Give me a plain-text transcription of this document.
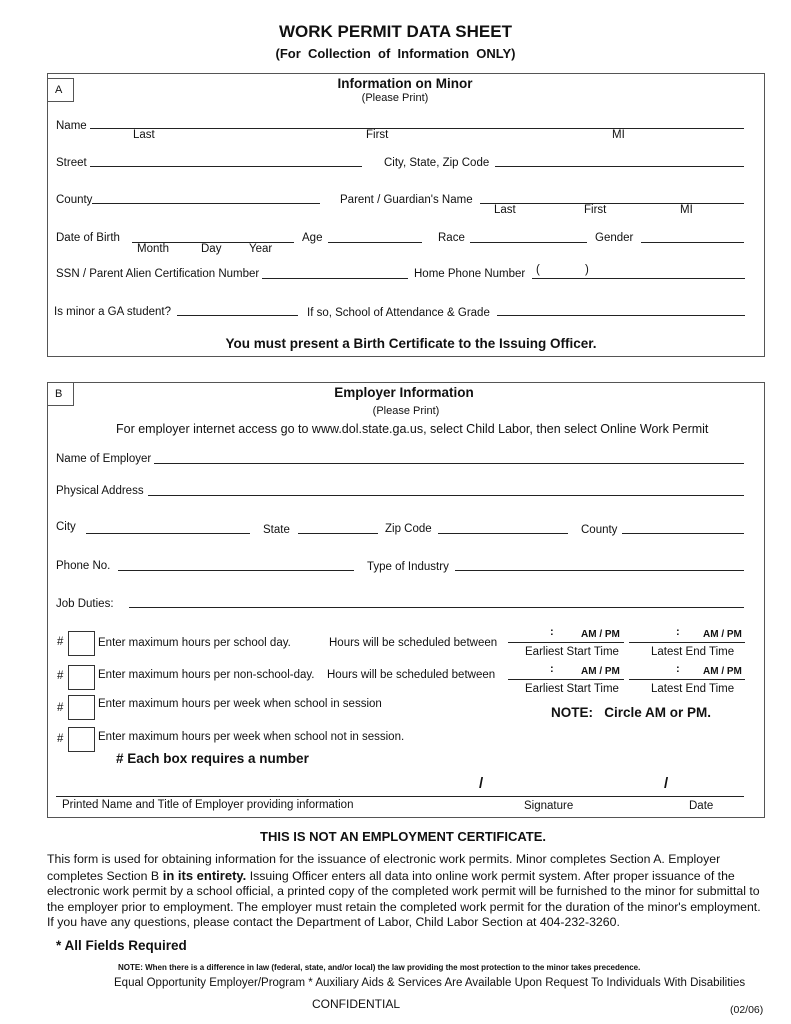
WORK PERMIT DATA SHEET
(For  Collection  of  Information  ONLY)
A	Information on Minor
(Please Print)
Name
Last	First	MI
Street	City, State, Zip Code
County	Parent / Guardian's Name
Last	First	MI
Date of Birth
Month	Day Year
Age	Race	Gender
SSN / Parent Alien Certification Number	Home Phone Number (	)
Is minor a GA student?	If so, School of Attendance & Grade
You must present a Birth Certificate to the Issuing Officer.
B	Employer Information
(Please Print)
For employer internet access go to www.dol.state.ga.us, select Child Labor, then select Online Work Permit
Name of Employer
Physical Address
City	State	Zip Code	County
Phone No.	Type of Industry
Job Duties:
#	Enter maximum hours per school day.	Hours will be scheduled between
:	AM / PM	: AM / PM
Earliest Start Time	Latest End Time
#	Enter maximum hours per non-school-day. Hours will be scheduled between	:	AM / PM	: AM / PM
Earliest Start Time	Latest End Time
#	Enter maximum hours per week when school in session
NOTE:   Circle AM or PM.
#	Enter maximum hours per week when school not in session.
# Each box requires a number
/	/
Printed Name and Title of Employer providing information	Signature	Date
THIS IS NOT AN EMPLOYMENT CERTIFICATE.
This form is used for obtaining information for the issuance of electronic work permits. Minor completes Section A. Employer completes Section B in its entirety. Issuing Officer enters all data into online work permit system. After proper issuance of the electronic work permit by a school official, a printed copy of the completed work permit will be furnished to the minor for submittal to the employer prior to employment. The employer must retain the completed work permit for the duration of the minor's employment. If you have any questions, please contact the Department of Labor, Child Labor Section at 404-232-3260.
* All Fields Required
NOTE: When there is a difference in law (federal, state, and/or local) the law providing the most protection to the minor takes precedence.
Equal Opportunity Employer/Program * Auxiliary Aids & Services Are Available Upon Request To Individuals With Disabilities
CONFIDENTIAL	(02/06)
